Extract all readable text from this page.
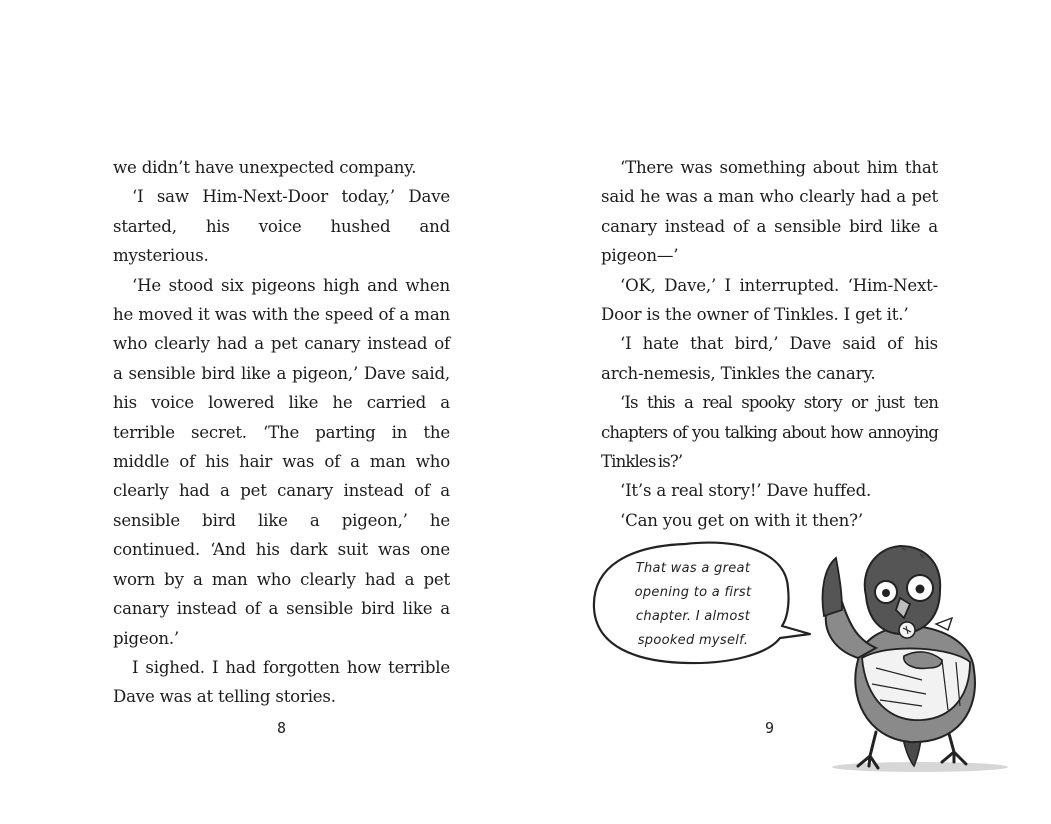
we didn’t have unexpected company.

‘I saw Him-Next-Door today,’ Dave started, his voice hushed and mysterious.

‘He stood six pigeons high and when he moved it was with the speed of a man who clearly had a pet canary instead of a sensible bird like a pigeon,’ Dave said, his voice lowered like he carried a terrible secret. ‘The parting in the middle of his hair was of a man who clearly had a pet canary instead of a sensible bird like a pigeon,’ he continued. ‘And his dark suit was one worn by a man who clearly had a pet canary instead of a sensible bird like a pigeon.’

I sighed. I had forgotten how terrible Dave was at telling stories.

8

‘There was something about him that said he was a man who clearly had a pet canary instead of a sensible bird like a pigeon—’

‘OK, Dave,’ I interrupted. ‘Him-Next-Door is the owner of Tinkles. I get it.’

‘I hate that bird,’ Dave said of his arch-nemesis, Tinkles the canary.

‘Is this a real spooky story or just ten chapters of you talking about how annoying Tinkles is?’

‘It’s a real story!’ Dave huffed.

‘Can you get on with it then?’

9
That was a great
opening to a first
chapter. I almost
spooked myself.
